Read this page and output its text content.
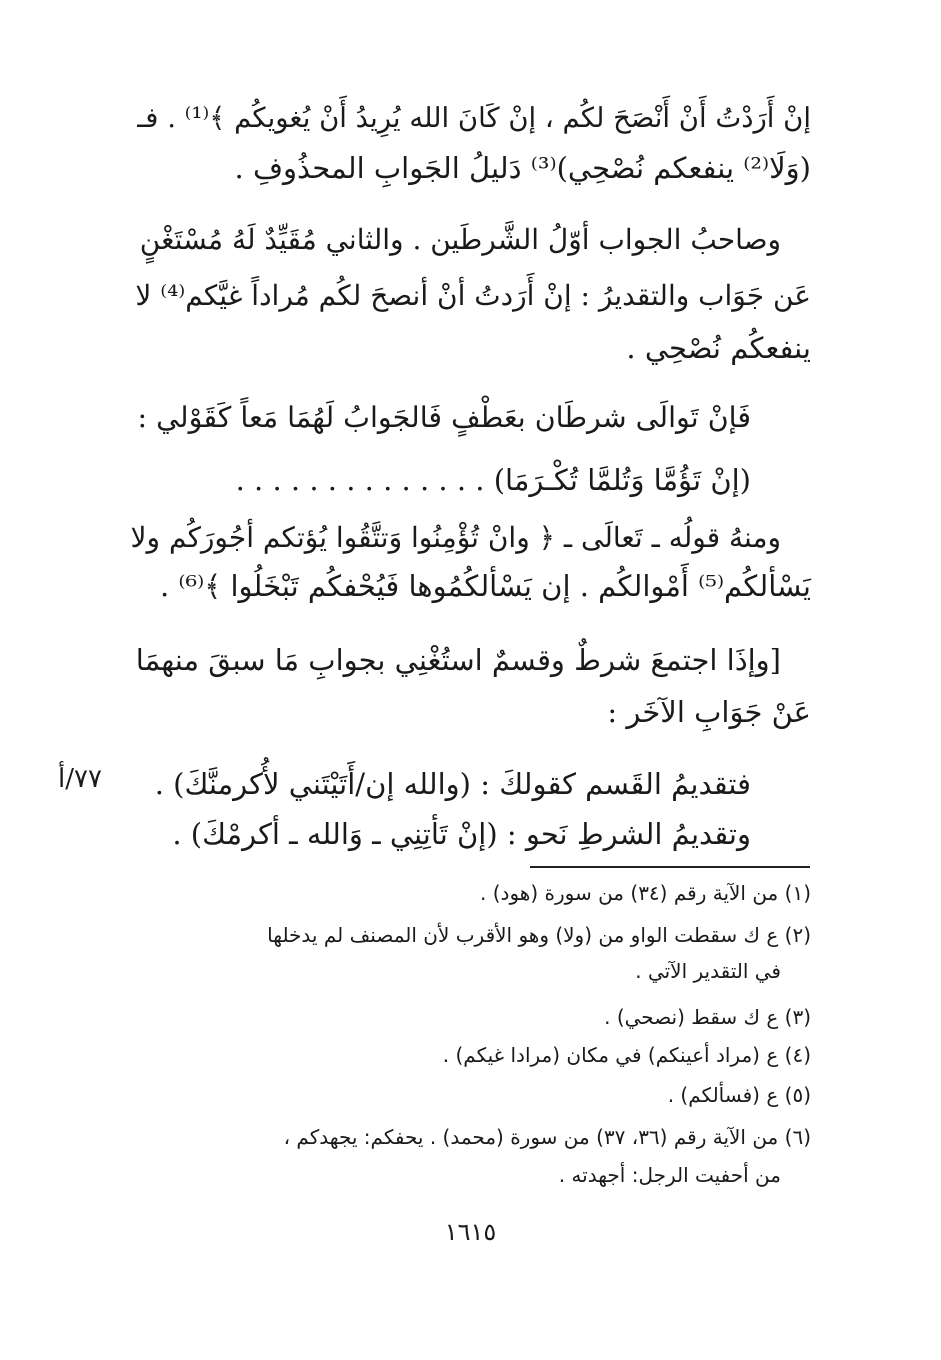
إنْ أَرَدْتُ أَنْ أَنْصَحَ لكُم ، إنْ كَانَ الله يُرِيدُ أَنْ يُغويكُم ﴾⁽¹⁾ . فـ
(وَلَا⁽²⁾ ينفعكم نُصْحِي)⁽³⁾ دَليلُ الجَوابِ المحذُوفِ .
وصاحبُ الجواب أوّلُ الشَّرطَين . والثاني مُقَيِّدٌ لَهُ مُسْتَغْنٍ
عَن جَوَاب والتقديرُ : إنْ أَرَدتُ أنْ أنصحَ لكُم مُراداً غيَّكم⁽⁴⁾ لا
ينفعكُم نُصْحِي .
فَإنْ تَوالَى شرطَان بعَطْفٍ فَالجَوابُ لَهُمَا مَعاً كَقَوْلي :
(إنْ تَؤُمَّا وَتُلمَّا تُكْـرَمَا) . . . . . . . . . . . . . .
ومنهُ قولُه ـ تَعالَى ـ ﴿ وانْ تُؤْمِنُوا وَتتَّقُوا يُؤتكم أجُورَكُم ولا
يَسْألكُم⁽⁵⁾ أَمْوالكُم . إن يَسْألكُمُوها فَيُحْفكُم تَبْخَلُوا ﴾⁽⁶⁾ .
[وإذَا اجتمعَ شرطٌ وقسمٌ استُغْنِي بجوابِ مَا سبقَ منهمَا
عَنْ جَوَابِ الآخَر :
فتقديمُ القَسم كقولكَ : (والله إن/أَتَيْتَني لأُكرمنَّكَ) .
وتقديمُ الشرطِ نَحو : (إنْ تَأتِنِي ـ وَالله ـ أكرمْكَ) .
٧٧/أ
(١) من الآية رقم (٣٤) من سورة (هود) .
(٢) ع ك سقطت الواو من (ولا) وهو الأقرب لأن المصنف لم يدخلها
في التقدير الآتي .
(٣) ع ك سقط (نصحي) .
(٤) ع (مراد أعينكم) في مكان (مرادا غيكم) .
(٥) ع (فسألكم) .
(٦) من الآية رقم (٣٦، ٣٧) من سورة (محمد) . يحفكم: يجهدكم ،
من أحفيت الرجل: أجهدته .
١٦١٥
